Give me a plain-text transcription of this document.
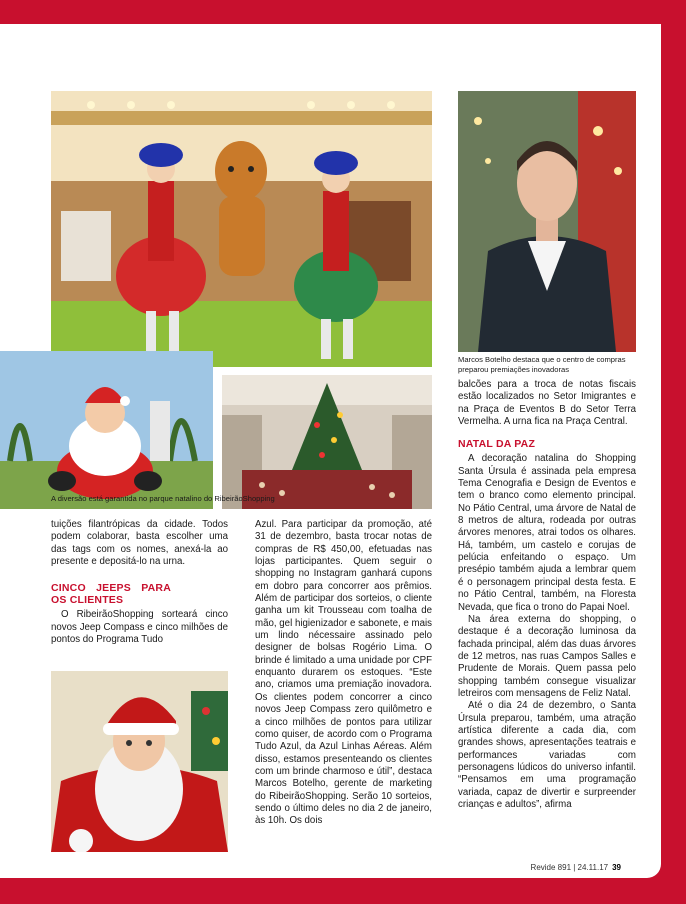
Marcos Botelho destaca que o centro de compras preparou premiações inovadoras
A diversão está garantida no parque natalino do RibeirãoShopping

tuições filantrópicas da cidade. Todos podem colaborar, basta escolher uma das tags com os nomes, anexá-la ao presente e depositá-lo na urna.

CINCO JEEPS PARA OS CLIENTES

O RibeirãoShopping sorteará cinco novos Jeep Compass e cinco milhões de pontos do Programa Tudo

Azul. Para participar da promoção, até 31 de dezembro, basta trocar notas de compras de R$ 450,00, efetuadas nas lojas participantes. Quem seguir o shopping no Instagram ganhará cupons em dobro para concorrer aos prêmios. Além de participar dos sorteios, o cliente ganha um kit Trousseau com toalha de mão, gel higienizador e sabonete, e mais um lindo nécessaire assinado pelo designer de bolsas Rogério Lima. O brinde é limitado a uma unidade por CPF enquanto durarem os estoques. “Este ano, criamos uma premiação inovadora. Os clientes podem concorrer a cinco novos Jeep Compass zero quilômetro e a cinco milhões de pontos para utilizar como quiser, de acordo com o Programa Tudo Azul, da Azul Linhas Aéreas. Além disso, estamos presenteando os clientes com um brinde charmoso e útil”, destaca Marcos Botelho, gerente de marketing do RibeirãoShopping. Serão 10 sorteios, sendo o último deles no dia 2 de janeiro, às 10h. Os dois

balcões para a troca de notas fiscais estão localizados no Setor Imigrantes e na Praça de Eventos B do Setor Terra Vermelha. A urna fica na Praça Central.

NATAL DA PAZ

A decoração natalina do Shopping Santa Úrsula é assinada pela empresa Tema Cenografia e Design de Eventos e tem o branco como elemento principal. No Pátio Central, uma árvore de Natal de 8 metros de altura, rodeada por outras árvores menores, atrai todos os olhares. Há, também, um castelo e corujas de pelúcia enfeitando o espaço. Um presépio também ajuda a lembrar quem é o personagem principal desta festa. E no Pátio Central, também, na Floresta Nevada, que fica o trono do Papai Noel.

Na área externa do shopping, o destaque é a decoração luminosa da fachada principal, além das duas árvores de 12 metros, nas ruas Campos Salles e Prudente de Morais. Quem passa pelo shopping também consegue visualizar letreiros com mensagens de Feliz Natal.

Até o dia 24 de dezembro, o Santa Úrsula preparou, também, uma atração artística diferente a cada dia, com grandes shows, apresentações teatrais e performances variadas com personagens lúdicos do universo infantil. “Pensamos em uma programação variada, capaz de divertir e surpreender crianças e adultos”, afirma

Revide 891 | 24.11.17 39
